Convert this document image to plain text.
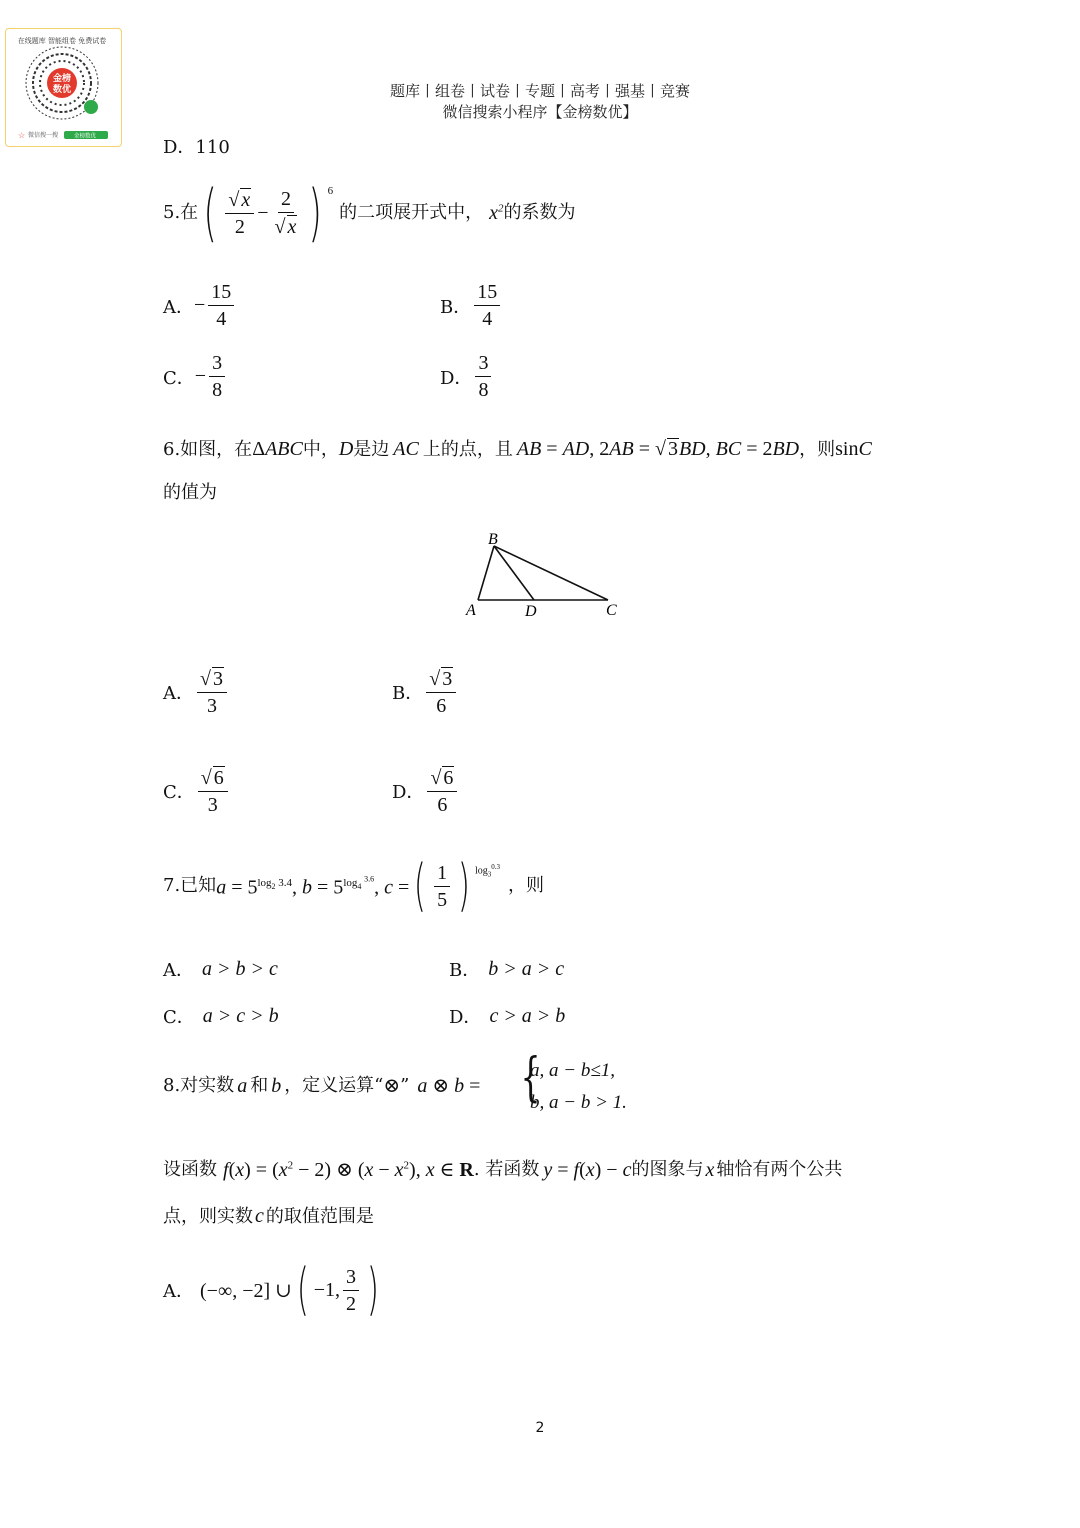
金榜
数优
在线题库 智能组卷 免费试卷
微信搜一搜	金榜数优
☆
题库丨组卷丨试卷丨专题丨高考丨强基丨竞赛
微信搜索小程序【金榜数优】
D．110
5.在 ( $\frac{√ x}{2} - \frac{2}{√ x}$ ) 6
的二项展开式中， $x^2$ 的系数为
A． − $\frac{15}{4}$	B． $\frac{15}{4}$
C． − $\frac{3}{8}$	D． $\frac{3}{8}$
6.如图，在 ΔABC 中， D 是边 AC 上的点，且 AB = AD, 2AB = √ 3BD, BC = 2BD ，则 sinC
的值为
B
A	D	C
A． $\frac{√ 3}{3}$	B． $\frac{√ 3}{6}$
C． $\frac{√ 6}{3}$	D． $\frac{√ 6}{6}$
7.已知 $a = 5^{log_2 3.4}$, $b = 5^{log_4 ^{3.6}}$, c = ( $\frac{1}{5}$ ) $\log_3^{0.3}$
，则
A． a > b > c	B． b > a > c
C． a > c > b	D． c > a > b
8.对实数 a 和 b ，定义运算“ ⊗ ” a ⊗ b = {
a, a − b≤1,
b, a − b > 1.
设函数 $f(x) = (x^2 - 2)$ ⊗ $(x - x^2)$, x ∈ R . 若函数 y = f(x) − c 的图象与 x 轴恰有两个公共
点，则实数 c 的取值范围是
A． (−∞, −2] ∪ ( −1, $\frac{3}{2}$ )
2
